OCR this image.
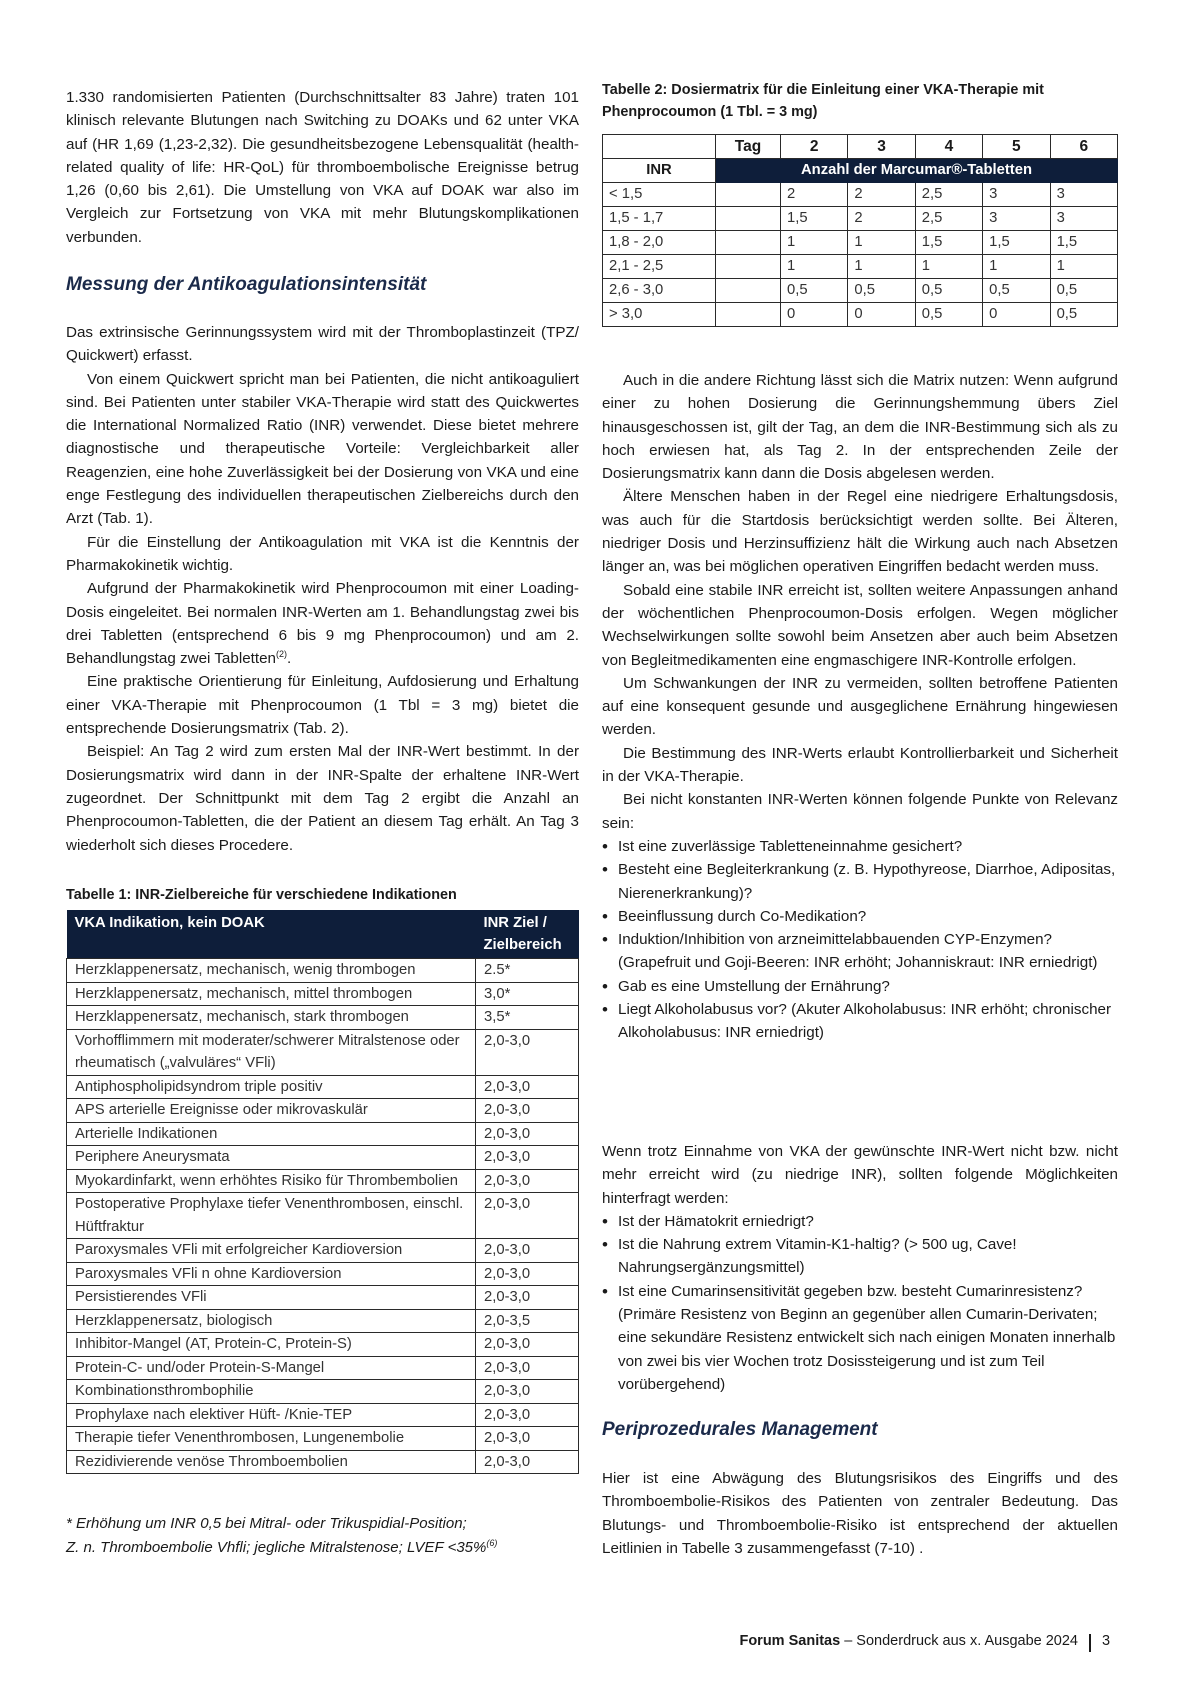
1.330 randomisierten Patienten (Durchschnittsalter 83 Jahre) traten 101 klinisch relevante Blutungen nach Switching zu DOAKs und 62 unter VKA auf (HR 1,69 (1,23-2,32). Die gesundheitsbezogene Lebensqualität (health-related quality of life: HR-QoL) für thromboembolische Ereignisse betrug 1,26 (0,60 bis 2,61). Die Umstellung von VKA auf DOAK war also im Vergleich zur Fortsetzung von VKA mit mehr Blutungskomplikationen verbunden.

Messung der Antikoagulationsintensität

Das extrinsische Gerinnungssystem wird mit der Thromboplastinzeit (TPZ/ Quickwert) erfasst.

Von einem Quickwert spricht man bei Patienten, die nicht antikoaguliert sind. Bei Patienten unter stabiler VKA-Therapie wird statt des Quickwertes die International Normalized Ratio (INR) verwendet. Diese bietet mehrere diagnostische und therapeutische Vorteile: Vergleichbarkeit aller Reagenzien, eine hohe Zuverlässigkeit bei der Dosierung von VKA und eine enge Festlegung des individuellen therapeutischen Zielbereichs durch den Arzt (Tab. 1).

Für die Einstellung der Antikoagulation mit VKA ist die Kenntnis der Pharmakokinetik wichtig.

Aufgrund der Pharmakokinetik wird Phenprocoumon mit einer Loading-Dosis eingeleitet. Bei normalen INR-Werten am 1. Behandlungstag zwei bis drei Tabletten (entsprechend 6 bis 9 mg Phenprocoumon) und am 2. Behandlungstag zwei Tabletten$^{(2)}$.

Eine praktische Orientierung für Einleitung, Aufdosierung und Erhaltung einer VKA-Therapie mit Phenprocoumon (1 Tbl = 3 mg) bietet die entsprechende Dosierungsmatrix (Tab. 2).

Beispiel: An Tag 2 wird zum ersten Mal der INR-Wert bestimmt. In der Dosierungsmatrix wird dann in der INR-Spalte der erhaltene INR-Wert zugeordnet. Der Schnittpunkt mit dem Tag 2 ergibt die Anzahl an Phenprocoumon-Tabletten, die der Patient an diesem Tag erhält. An Tag 3 wiederholt sich dieses Procedere.

Tabelle 1: INR-Zielbereiche für verschiedene Indikationen
VKA Indikation, kein DOAK	INR Ziel / Zielbereich
Herzklappenersatz, mechanisch, wenig thrombogen	2.5*
Herzklappenersatz, mechanisch, mittel thrombogen	3,0*
Herzklappenersatz, mechanisch, stark thrombogen	3,5*
Vorhofflimmern mit moderater/schwerer Mitralstenose oder rheumatisch („valvuläres“ VFli)	2,0-3,0
Antiphospholipidsyndrom triple positiv	2,0-3,0
APS arterielle Ereignisse oder mikrovaskulär	2,0-3,0
Arterielle Indikationen	2,0-3,0
Periphere Aneurysmata	2,0-3,0
Myokardinfarkt, wenn erhöhtes Risiko für Thrombembolien	2,0-3,0
Postoperative Prophylaxe tiefer Venenthrombosen, einschl. Hüftfraktur	2,0-3,0
Paroxysmales VFli mit erfolgreicher Kardioversion	2,0-3,0
Paroxysmales VFli n ohne Kardioversion	2,0-3,0
Persistierendes VFli	2,0-3,0
Herzklappenersatz, biologisch	2,0-3,5
Inhibitor-Mangel (AT, Protein-C, Protein-S)	2,0-3,0
Protein-C- und/oder Protein-S-Mangel	2,0-3,0
Kombinationsthrombophilie	2,0-3,0
Prophylaxe nach elektiver Hüft- /Knie-TEP	2,0-3,0
Therapie tiefer Venenthrombosen, Lungenembolie	2,0-3,0
Rezidivierende venöse Thromboembolien	2,0-3,0
* Erhöhung um INR 0,5 bei Mitral- oder Trikuspidial-Position;
Z. n. Thromboembolie Vhfli; jegliche Mitralstenose; LVEF <35%$^{(6)}$
Tabelle 2: Dosiermatrix für die Einleitung einer VKA-Therapie mit Phenprocoumon (1 Tbl. = 3 mg)
	Tag	2	3	4	5	6
INR	Anzahl der Marcumar®-Tabletten					
< 1,5		2	2	2,5	3	3
1,5 - 1,7		1,5	2	2,5	3	3
1,8 - 2,0		1	1	1,5	1,5	1,5
2,1 - 2,5		1	1	1	1	1
2,6 - 3,0		0,5	0,5	0,5	0,5	0,5
> 3,0		0	0	0,5	0	0,5

Auch in die andere Richtung lässt sich die Matrix nutzen: Wenn aufgrund einer zu hohen Dosierung die Gerinnungshemmung übers Ziel hinausgeschossen ist, gilt der Tag, an dem die INR-Bestimmung sich als zu hoch erwiesen hat, als Tag 2. In der entsprechenden Zeile der Dosierungsmatrix kann dann die Dosis abgelesen werden.

Ältere Menschen haben in der Regel eine niedrigere Erhaltungsdosis, was auch für die Startdosis berücksichtigt werden sollte. Bei Älteren, niedriger Dosis und Herzinsuffizienz hält die Wirkung auch nach Absetzen länger an, was bei möglichen operativen Eingriffen bedacht werden muss.

Sobald eine stabile INR erreicht ist, sollten weitere Anpassungen anhand der wöchentlichen Phenprocoumon-Dosis erfolgen. Wegen möglicher Wechselwirkungen sollte sowohl beim Ansetzen aber auch beim Absetzen von Begleitmedikamenten eine engmaschigere INR-Kontrolle erfolgen.

Um Schwankungen der INR zu vermeiden, sollten betroffene Patienten auf eine konsequent gesunde und ausgeglichene Ernährung hingewiesen werden.

Die Bestimmung des INR-Werts erlaubt Kontrollierbarkeit und Sicherheit in der VKA-Therapie.

Bei nicht konstanten INR-Werten können folgende Punkte von Relevanz sein:

• Ist eine zuverlässige Tabletteneinnahme gesichert?
• Besteht eine Begleiterkrankung (z. B. Hypothyreose, Diarrhoe, Adipositas, Nierenerkrankung)?
• Beeinflussung durch Co-Medikation?
• Induktion/Inhibition von arzneimittelabbauenden CYP-Enzymen? (Grapefruit und Goji-Beeren: INR erhöht; Johanniskraut: INR erniedrigt)
• Gab es eine Umstellung der Ernährung?
• Liegt Alkoholabusus vor? (Akuter Alkoholabusus: INR erhöht; chronischer Alkoholabusus: INR erniedrigt)

Wenn trotz Einnahme von VKA der gewünschte INR-Wert nicht bzw. nicht mehr erreicht wird (zu niedrige INR), sollten folgende Möglichkeiten hinterfragt werden:

• Ist der Hämatokrit erniedrigt?
• Ist die Nahrung extrem Vitamin-K1-haltig? (> 500 ug, Cave! Nahrungsergänzungsmittel)
• Ist eine Cumarinsensitivität gegeben bzw. besteht Cumarinresistenz? (Primäre Resistenz von Beginn an gegenüber allen Cumarin-Derivaten; eine sekundäre Resistenz entwickelt sich nach einigen Monaten innerhalb von zwei bis vier Wochen trotz Dosissteigerung und ist zum Teil vorübergehend)
Periprozedurales Management

Hier ist eine Abwägung des Blutungsrisikos des Eingriffs und des Thromboembolie-Risikos des Patienten von zentraler Bedeutung. Das Blutungs- und Thromboembolie-Risiko ist entsprechend der aktuellen Leitlinien in Tabelle 3 zusammengefasst (7-10) .

Forum Sanitas – Sonderdruck aus x. Ausgabe 2024 3
